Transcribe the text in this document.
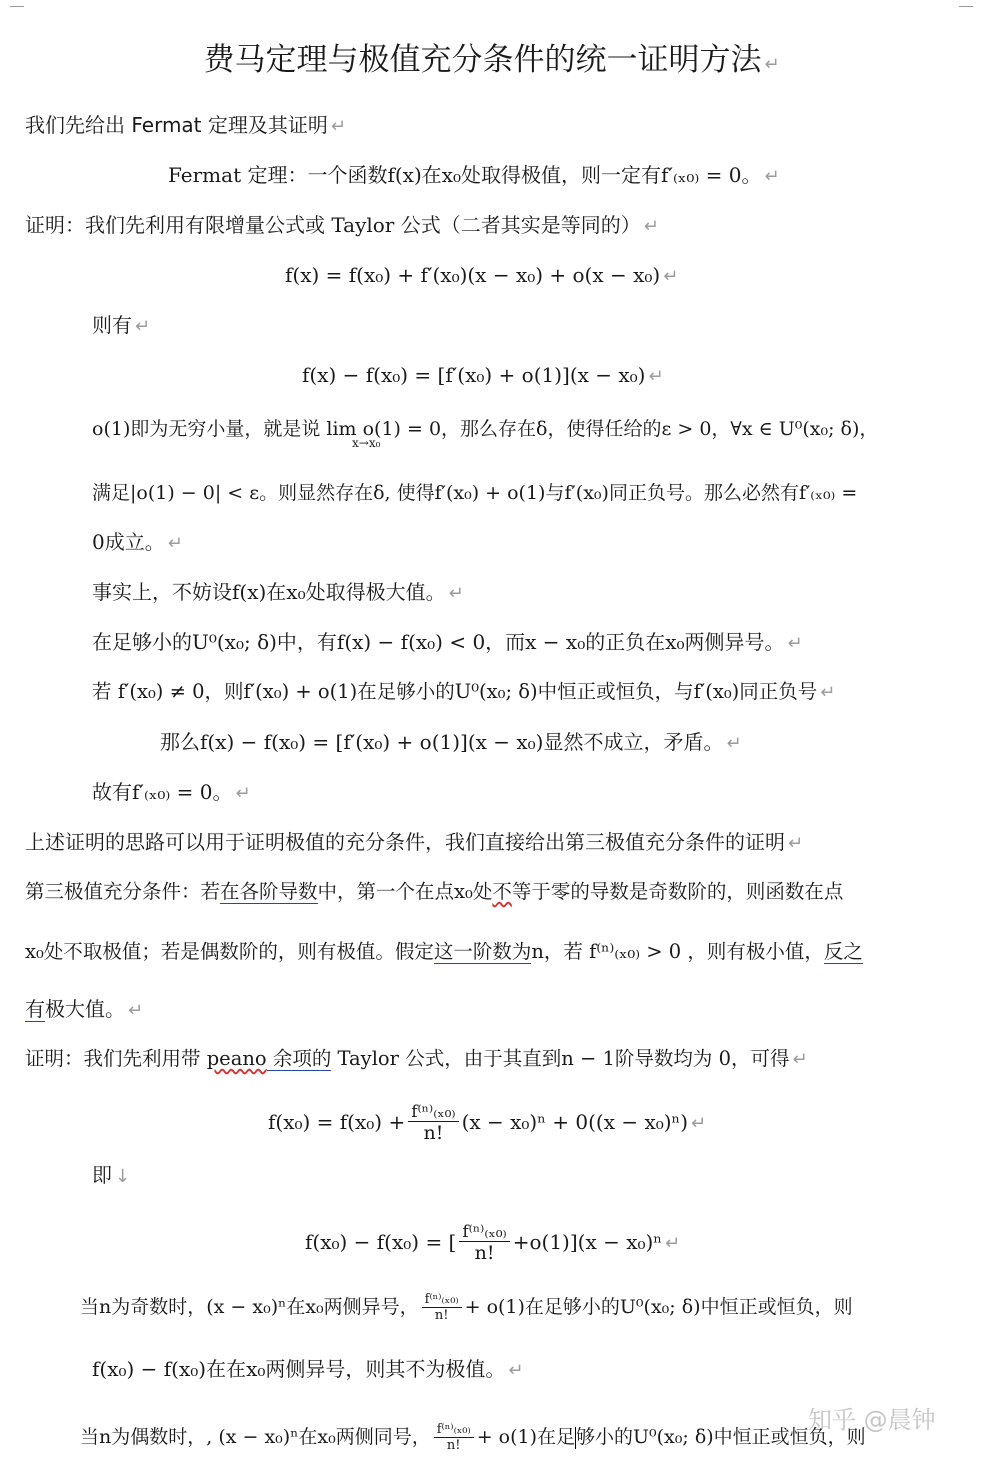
费马定理与极值充分条件的统一证明方法 ↵
我们先给出 Fermat 定理及其证明 ↵
Fermat 定理：一个函数f(x)在x₀处取得极值，则一定有f′₍ₓ₀₎ = 0。 ↵
证明：我们先利用有限增量公式或 Taylor 公式（二者其实是等同的） ↵
f(x) = f(x₀) + f′(x₀)(x − x₀) + o(x − x₀) ↵
则有 ↵
f(x) − f(x₀) = [f′(x₀) + o(1)](x − x₀) ↵
o(1)即为无穷小量，就是说 lim o(1) = 0，那么存在δ，使得任给的ε > 0，∀x ∈ U⁰(x₀; δ)，
x→x₀
满足|o(1) − 0| < ε。则显然存在δ, 使得f′(x₀) + o(1)与f′(x₀)同正负号。那么必然有f′₍ₓ₀₎ =
0成立。 ↵
事实上，不妨设f(x)在x₀处取得极大值。 ↵
在足够小的U⁰(x₀; δ)中，有f(x) − f(x₀) < 0，而x − x₀的正负在x₀两侧异号。 ↵
若 f′(x₀) ≠ 0，则f′(x₀) + o(1)在足够小的U⁰(x₀; δ)中恒正或恒负，与f′(x₀)同正负号 ↵
那么f(x) − f(x₀) = [f′(x₀) + o(1)](x − x₀)显然不成立，矛盾。 ↵
故有f′₍ₓ₀₎ = 0。 ↵
上述证明的思路可以用于证明极值的充分条件，我们直接给出第三极值充分条件的证明 ↵
第三极值充分条件：若在各阶导数中，第一个在点x₀处不等于零的导数是奇数阶的，则函数在点
x₀处不取极值；若是偶数阶的，则有极值。假定这一阶数为n，若 f⁽ⁿ⁾₍ₓ₀₎ > 0 ，则有极小值，反之
有极大值。 ↵
证明：我们先利用带 peano 余项的 Taylor 公式，由于其直到n − 1阶导数均为 0，可得 ↵
$f(x_0) = f(x_0) + \frac{\text{f⁽ⁿ⁾₍ₓ₀₎}}{n!} (x - x_0)^n + 0((x - x_0)^n)$ ↵
即 ↓
f(x₀) − f(x₀) = [ $\frac{\text{f⁽ⁿ⁾₍ₓ₀₎}}{n!} +o(1)](x - x_0)^n$ ↵
当n为奇数时，(x − x₀)ⁿ在x₀两侧异号， $\frac{\text{f⁽ⁿ⁾₍ₓ₀₎}}{n!} + o(1)$在足够小的U⁰(x₀; δ)中恒正或恒负，则
f(x₀) − f(x₀)在在x₀两侧异号，则其不为极值。 ↵
当n为偶数时，, (x − x₀)ⁿ在x₀两侧同号， $\frac{\text{f⁽ⁿ⁾₍ₓ₀₎}}{n!} + o(1)$在足够小的U⁰(x₀; δ)中恒正或恒负，则
知乎 @晨钟
